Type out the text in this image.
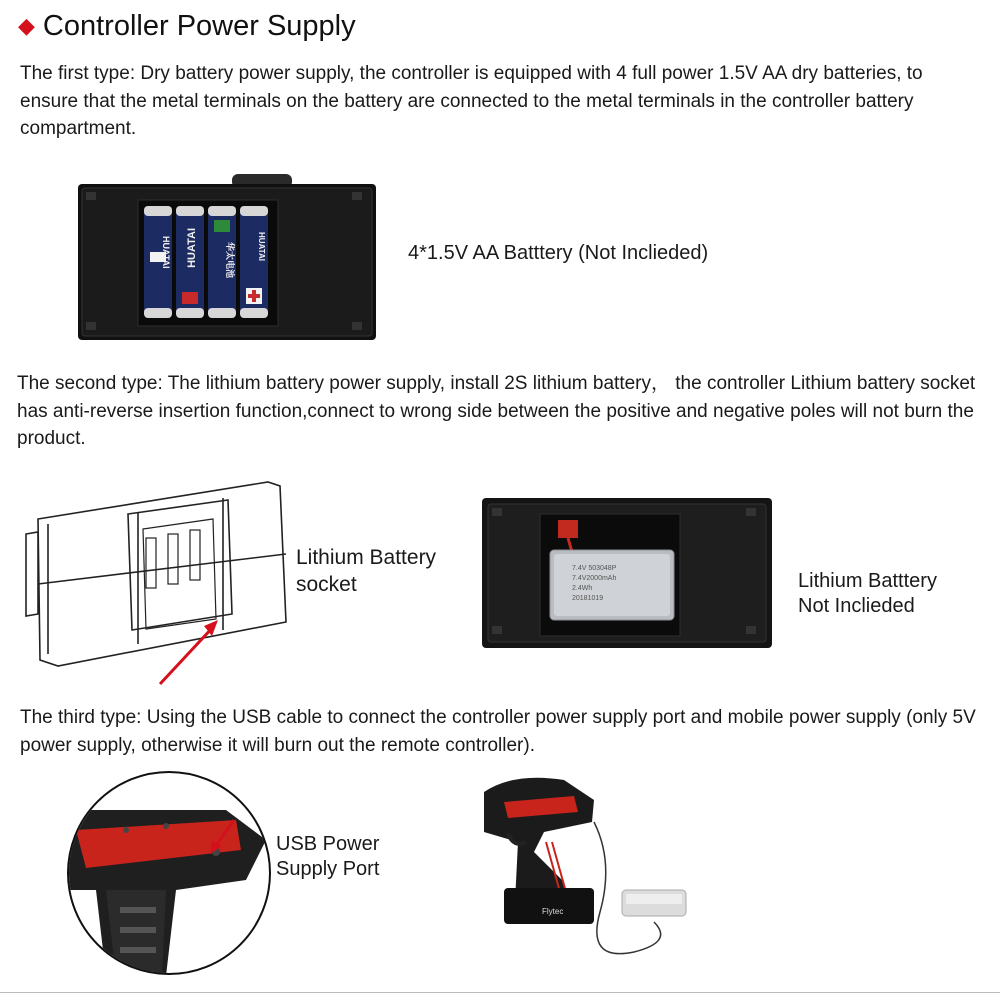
◆ Controller Power Supply

The first type: Dry battery power supply, the controller is equipped with 4 full power 1.5V AA dry batteries, to ensure that the metal terminals on the battery are connected to the metal terminals in the controller battery compartment.

HUATAI HUATAI	华太电池	HUATAI	4*1.5V AA Batttery (Not Inclieded)

The second type: The lithium battery power supply, install 2S lithium battery， the controller Lithium battery socket has anti-reverse insertion function,connect to wrong side between the positive and negative poles will not burn the product.

Lithium Battery
socket
7.4V 503048P
7.4V2000mAh
2.4Wh
20181019
Lithium Batttery
Not Inclieded

The third type: Using the USB cable to connect the controller power supply port and mobile power supply (only 5V power supply, otherwise it will burn out the remote controller).

USB Power
Supply Port
Flytec
